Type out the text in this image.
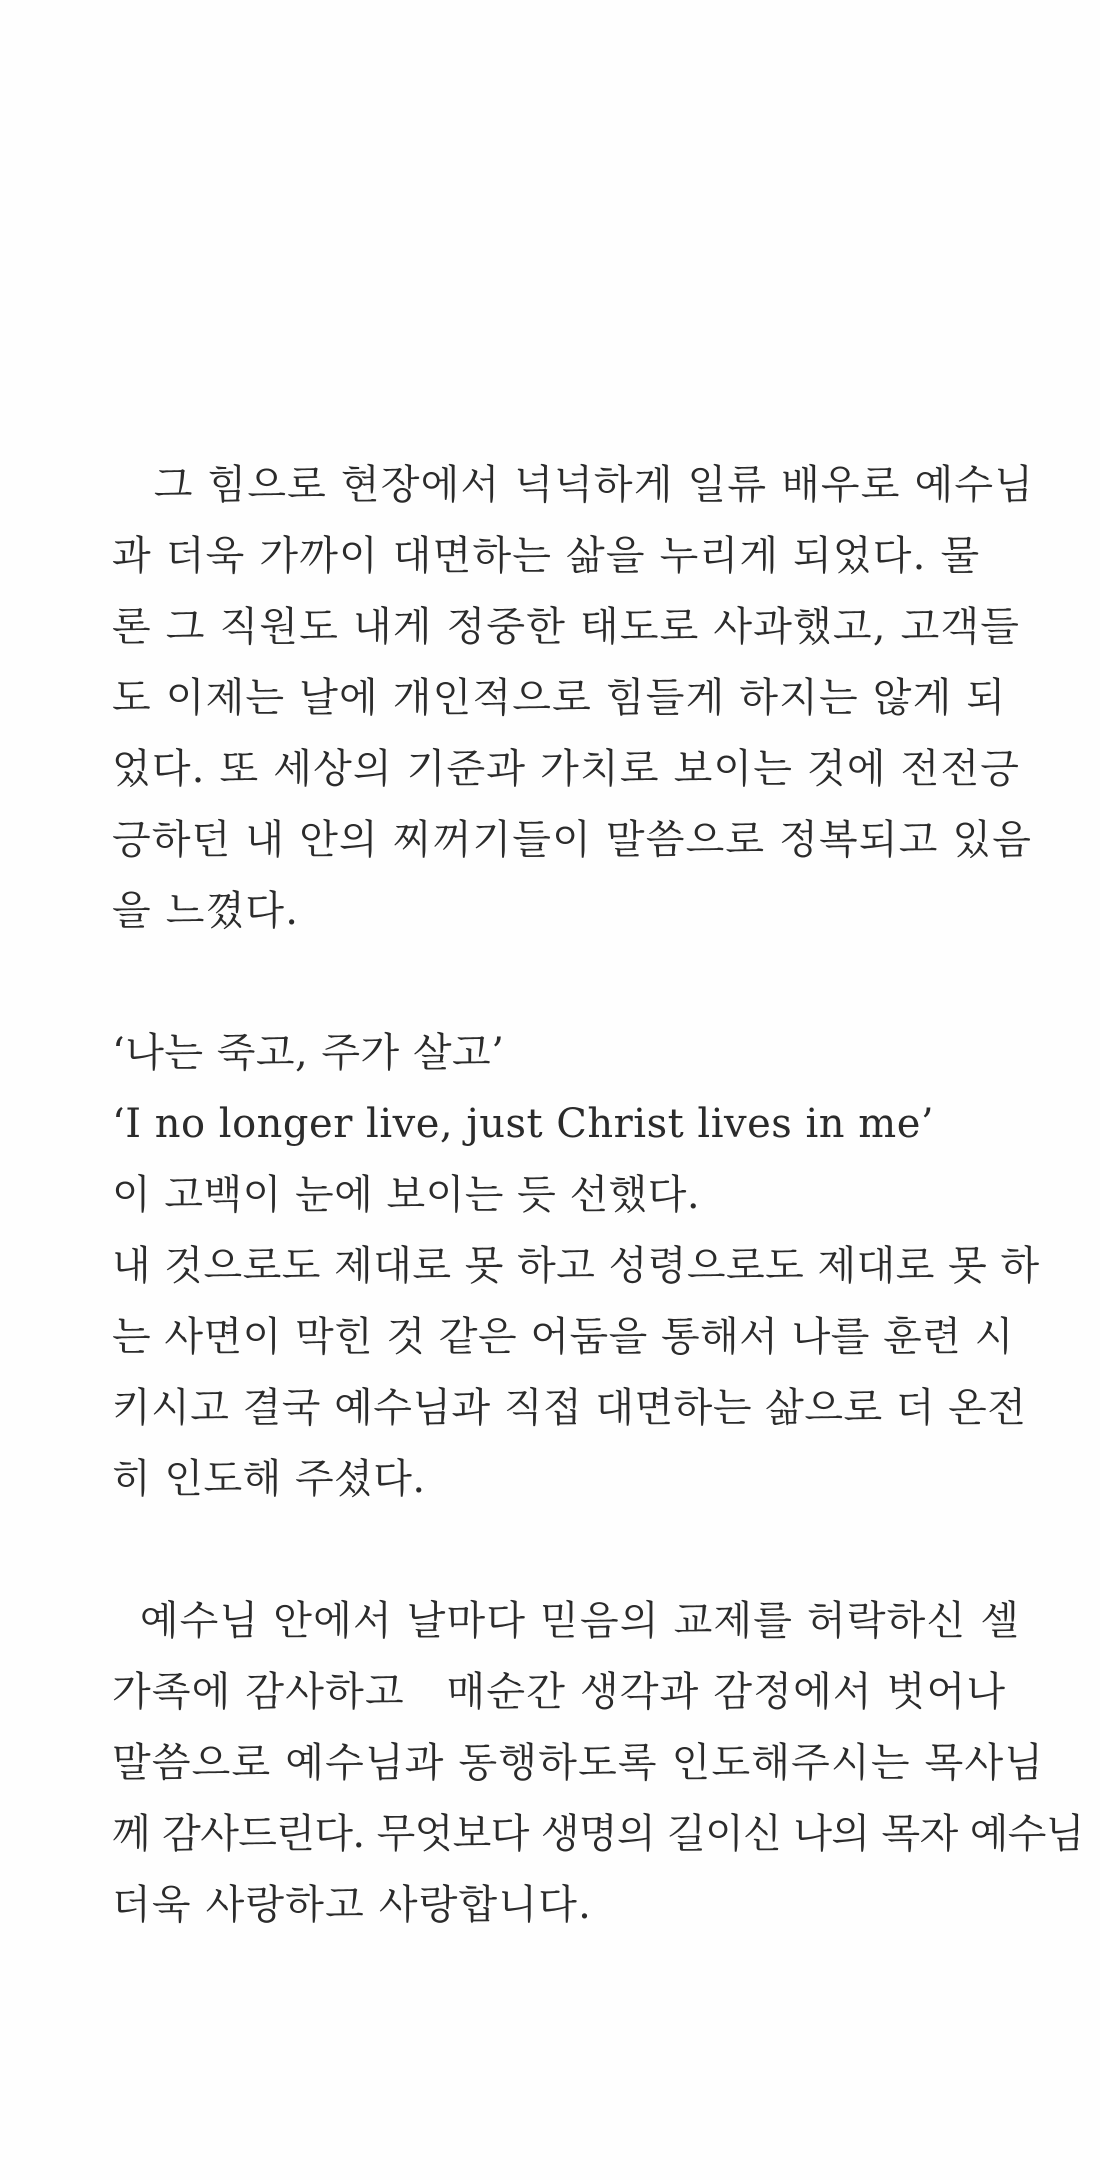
그 힘으로 현장에서 넉넉하게 일류 배우로 예수님
과 더욱 가까이 대면하는 삶을 누리게 되었다. 물
론 그 직원도 내게 정중한 태도로 사과했고, 고객들
도 이제는 날에 개인적으로 힘들게 하지는 않게 되
었다. 또 세상의 기준과 가치로 보이는 것에 전전긍
긍하던 내 안의 찌꺼기들이 말씀으로 정복되고 있음
을 느꼈다.
‘나는 죽고, 주가 살고’
‘I no longer live, just Christ lives in me’
이 고백이 눈에 보이는 듯 선했다.
내 것으로도 제대로 못 하고 성령으로도 제대로 못 하
는 사면이 막힌 것 같은 어둠을 통해서 나를 훈련 시
키시고 결국 예수님과 직접 대면하는 삶으로 더 온전
히 인도해 주셨다.
예수님 안에서 날마다 믿음의 교제를 허락하신 셀
가족에 감사하고   매순간 생각과 감정에서 벗어나
말씀으로 예수님과 동행하도록 인도해주시는 목사님
께 감사드린다. 무엇보다 생명의 길이신 나의 목자 예수님
더욱 사랑하고 사랑합니다.
